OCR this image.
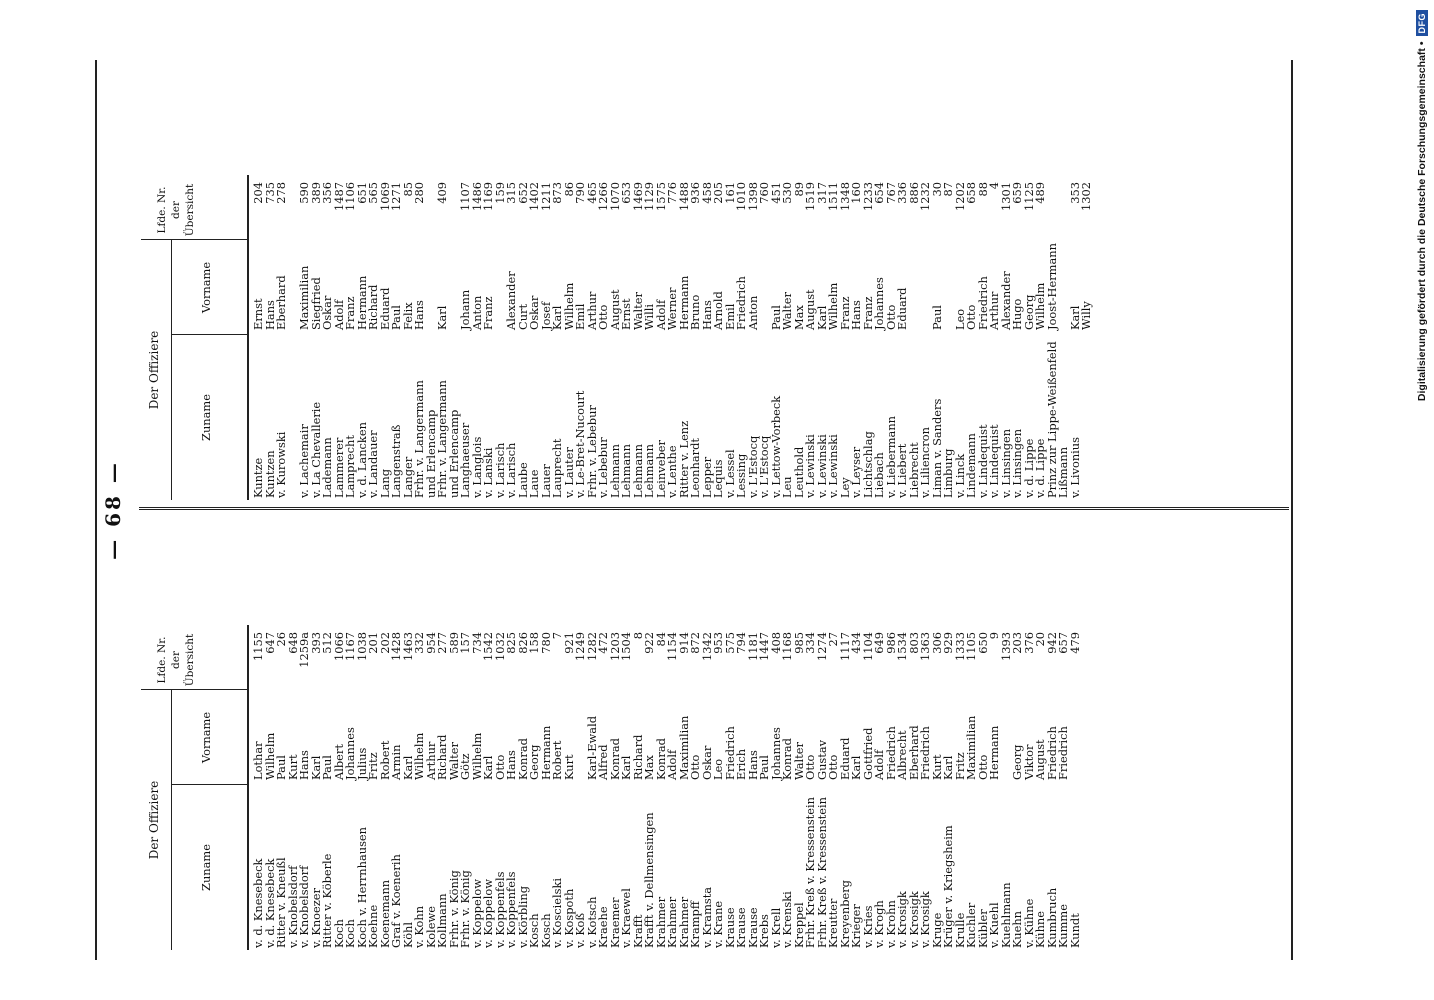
Digitalisierung gefördert durch die Deutsche Forschungsgemeinschaft •
DFG
— 68 —
Der Offiziere
Zuname
Vorname
Lfde. Nr. der Übersicht
v. d. Knesebeck
Lothar
1155
v. d. Knesebeck
Wilhelm
647
Ritter v. Kneußl
Paul
26
v. Knobelsdorf
Kurt
648
v. Knobelsdorf
Hans
1259a
v. Knoezer
Karl
393
Ritter v. Köberle
Paul
512
Koch
Albert
1066
Koch
Johannes
1167
Koch v. Herrnhausen
Julius
1038
Koehne
Fritz
201
Koenemann
Robert
202
Graf v. Koenerih
Armin
1428
Köhl
Karl
1463
v. Kohn
Wilhelm
332
Kolewe
Arthur
954
Kollmann
Richard
277
Frhr. v. König
Walter
589
Frhr. v. König
Götz
157
v. Koppelow
Wilhelm
734
v. Koppelow
Karl
1542
v. Koppenfels
Otto
1032
v. Koppenfels
Hans
825
v. Körbling
Konrad
826
Kosch
Georg
158
Kosch
Hermann
780
v. Koscielski
Robert
7
v. Kospoth
Kurt
921
v. Koß
1249
v. Kotsch
Karl-Ewald
1282
Kraehe
Alfred
472
Kraemer
Konrad
1203
v. Kraewel
Karl
1504
Krafft
Richard
8
Krafft v. Dellmensingen
Max
922
Krahmer
Konrad
84
Krahmer
Adolf
1154
Krahmer
Maximilian
914
Krampff
Otto
872
v. Kramsta
Oskar
1342
v. Krane
Leo
953
Krause
Friedrich
575
Krause
Erich
794
Krause
Hans
1181
Krebs
Paul
1447
v. Krell
Johannes
408
v. Krenski
Konrad
1168
Kreppel
Walter
985
Frhr. Kreß v. Kressenstein
Otto
334
Frhr. Kreß v. Kressenstein
Gustav
1274
Kreutter
Otto
27
Kreyenberg
Eduard
1117
Krieger
Karl
434
v. Kries
Gottfried
1104
v. Krogh
Adolf
649
v. Krohn
Friedrich
986
v. Krosigk
Albrecht
1534
v. Krosigk
Eberhard
803
v. Krosigk
Friedrich
1363
Kruge
Kurt
306
Krüger v. Kriegsheim
Karl
929
Krulle
Fritz
1333
Kuchler
Maximilian
1105
Kübler
Otto
650
v. Kuehl
Hermann
9
Kuehlmann
1393
Kuehn
Georg
203
v. Kühne
Viktor
376
Kühne
August
20
Kumbruch
Friedrich
942
Kumme
Friedrich
657
Kundt
479
Der Offiziere
Zuname
Vorname
Lfde. Nr. der Übersicht
Kuntze
Ernst
204
Kuntzen
Hans
735
v. Kurowski
Eberhard
278
v. Lachemair
Maximilian
590
v. La Chevallerie
Siegfried
389
Lademann
Oskar
356
Lammerer
Adolf
1487
Lamprecht
Franz
1106
v. d. Lancken
Hermann
651
v. Landauer
Richard
565
Lang
Eduard
1069
Langenstraß
Paul
1271
Langer
Felix
85
Frhr. v. Langermann
Hans
280
und Erlencamp
Frhr. v. Langermann
Karl
409
und Erlencamp
Langhaeuser
Johann
1107
v. Langlois
Anton
1486
v. Lanski
Franz
1169
v. Larisch
159
v. Larisch
Alexander
315
Laube
Curt
652
Laue
Oskar
1402
Lauer
Josef
1211
Lauprecht
Karl
873
v. Lauter
Wilhelm
86
v. Le-Bret-Nucourt
Emil
790
Frhr. v. Lebebur
Arthur
465
v. Lebebur
Otto
1266
Lehmann
August
1070
Lehmann
Ernst
653
Lehmann
Walter
1469
Lehmann
Willi
1129
Leinveber
Adolf
1575
v. Lenthe
Werner
776
Ritter v. Lenz
Hermann
1488
Leonhardt
Bruno
936
Lepper
Hans
458
Lequis
Arnold
205
v. Lessel
Emil
161
Lessing
Friedrich
1010
v. L'Estocq
Anton
1398
v. L'Estocq
760
v. Lettow-Vorbeck
Paul
451
Leu
Walter
530
Leuthold
Max
89
v. Lewinski
August
1519
v. Lewinski
Karl
317
v. Lewinski
Wilhelm
1511
Ley
Franz
1348
v. Leyser
Hans
160
Lichtschlag
Franz
1233
Liebach
Johannes
654
v. Liebermann
Otto
767
v. Liebert
Eduard
336
Liebrecht
886
v. Liliencron
1232
Liman v. Sanders
Paul
30
Limburg
87
v. Linck
Leo
1202
Lindemann
Otto
658
v. Lindequist
Friedrich
88
v. Lindequist
Arthur
4
v. Linsingen
Alexander
1301
v. Linsingen
Hugo
659
v. d. Lippe
Georg
1125
v. d. Lippe
Wilhelm
489
Prinz zur Lippe-Weißenfeld
Joost-Hermann
Lißmann
v. Livonius
Karl
353
Willy
1302
